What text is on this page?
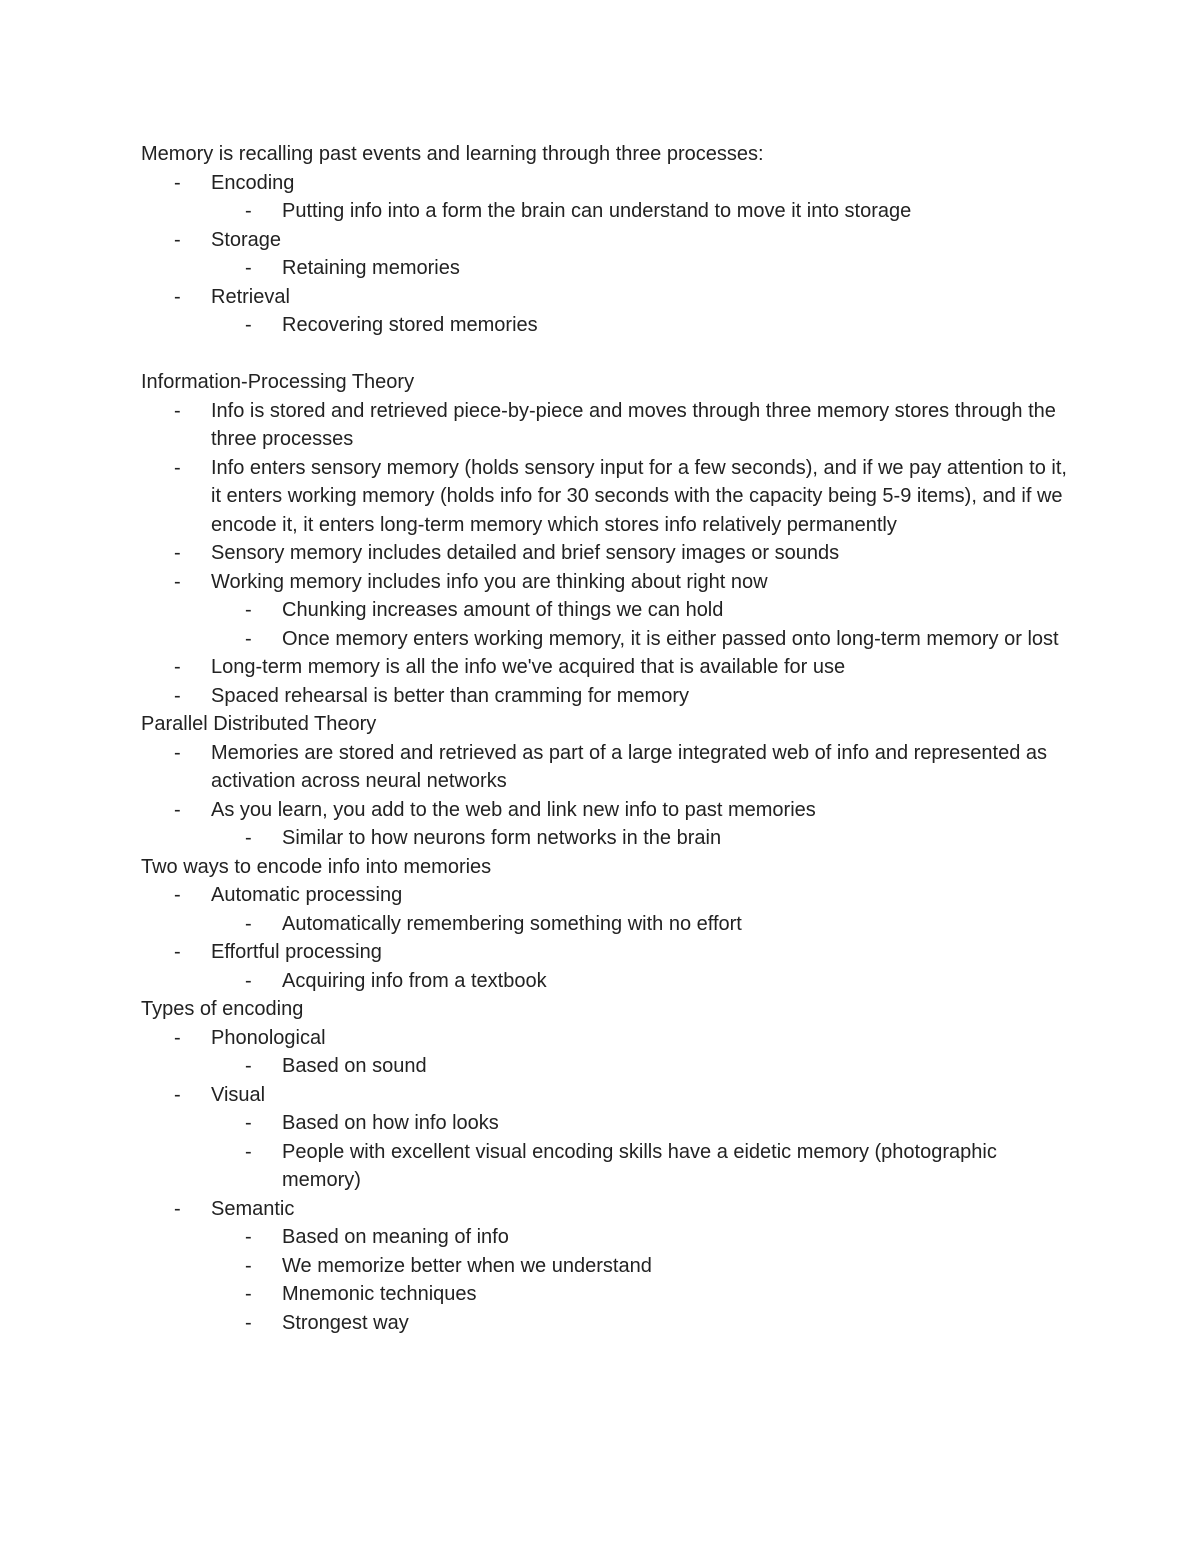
Memory is recalling past events and learning through three processes:
- Encoding
- Putting info into a form the brain can understand to move it into storage
- Storage
- Retaining memories
- Retrieval
- Recovering stored memories
Information-Processing Theory
- Info is stored and retrieved piece-by-piece and moves through three memory stores through the three processes
- Info enters sensory memory (holds sensory input for a few seconds), and if we pay attention to it, it enters working memory (holds info for 30 seconds with the capacity being 5-9 items), and if we encode it, it enters long-term memory which stores info relatively permanently
- Sensory memory includes detailed and brief sensory images or sounds
- Working memory includes info you are thinking about right now
- Chunking increases amount of things we can hold
- Once memory enters working memory, it is either passed onto long-term memory or lost
- Long-term memory is all the info we've acquired that is available for use
- Spaced rehearsal is better than cramming for memory
Parallel Distributed Theory
- Memories are stored and retrieved as part of a large integrated web of info and represented as activation across neural networks
- As you learn, you add to the web and link new info to past memories
- Similar to how neurons form networks in the brain
Two ways to encode info into memories
- Automatic processing
- Automatically remembering something with no effort
- Effortful processing
- Acquiring info from a textbook
Types of encoding
- Phonological
- Based on sound
- Visual
- Based on how info looks
- People with excellent visual encoding skills have a eidetic memory (photographic memory)
- Semantic
- Based on meaning of info
- We memorize better when we understand
- Mnemonic techniques
- Strongest way
